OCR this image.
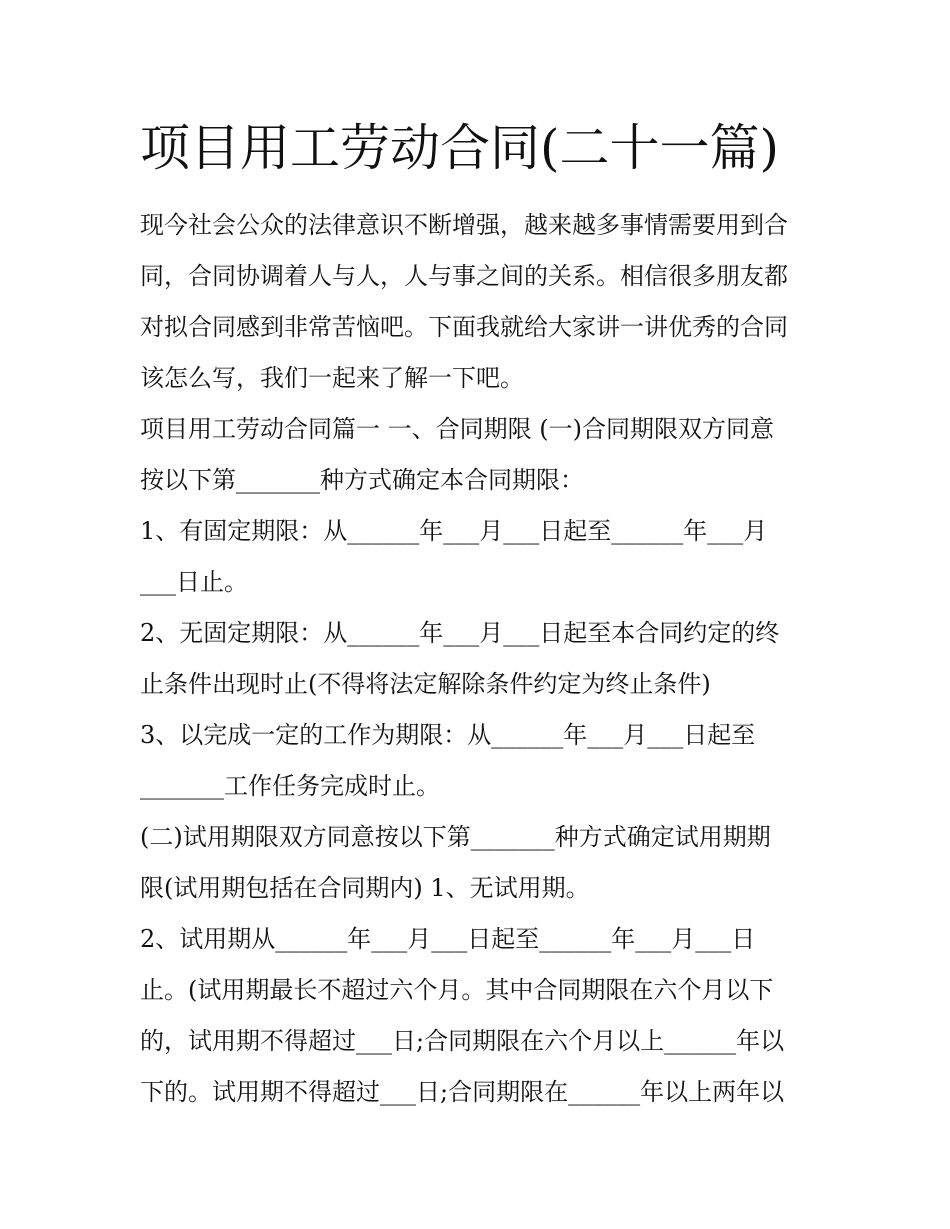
项目用工劳动合同(二十一篇)

现今社会公众的法律意识不断增强，越来越多事情需要用到合

同，合同协调着人与人，人与事之间的关系。相信很多朋友都

对拟合同感到非常苦恼吧。下面我就给大家讲一讲优秀的合同

该怎么写，我们一起来了解一下吧。

项目用工劳动合同篇一 一、合同期限 (一)合同期限双方同意

按以下第_______种方式确定本合同期限：

1、有固定期限：从______年___月___日起至______年___月

___日止。

2、无固定期限：从______年___月___日起至本合同约定的终

止条件出现时止(不得将法定解除条件约定为终止条件)

3、以完成一定的工作为期限：从______年___月___日起至

_______工作任务完成时止。

(二)试用期限双方同意按以下第_______种方式确定试用期期

限(试用期包括在合同期内) 1、无试用期。

2、试用期从______年___月___日起至______年___月___日

止。(试用期最长不超过六个月。其中合同期限在六个月以下

的，试用期不得超过___日;合同期限在六个月以上______年以

下的。试用期不得超过___日;合同期限在______年以上两年以
